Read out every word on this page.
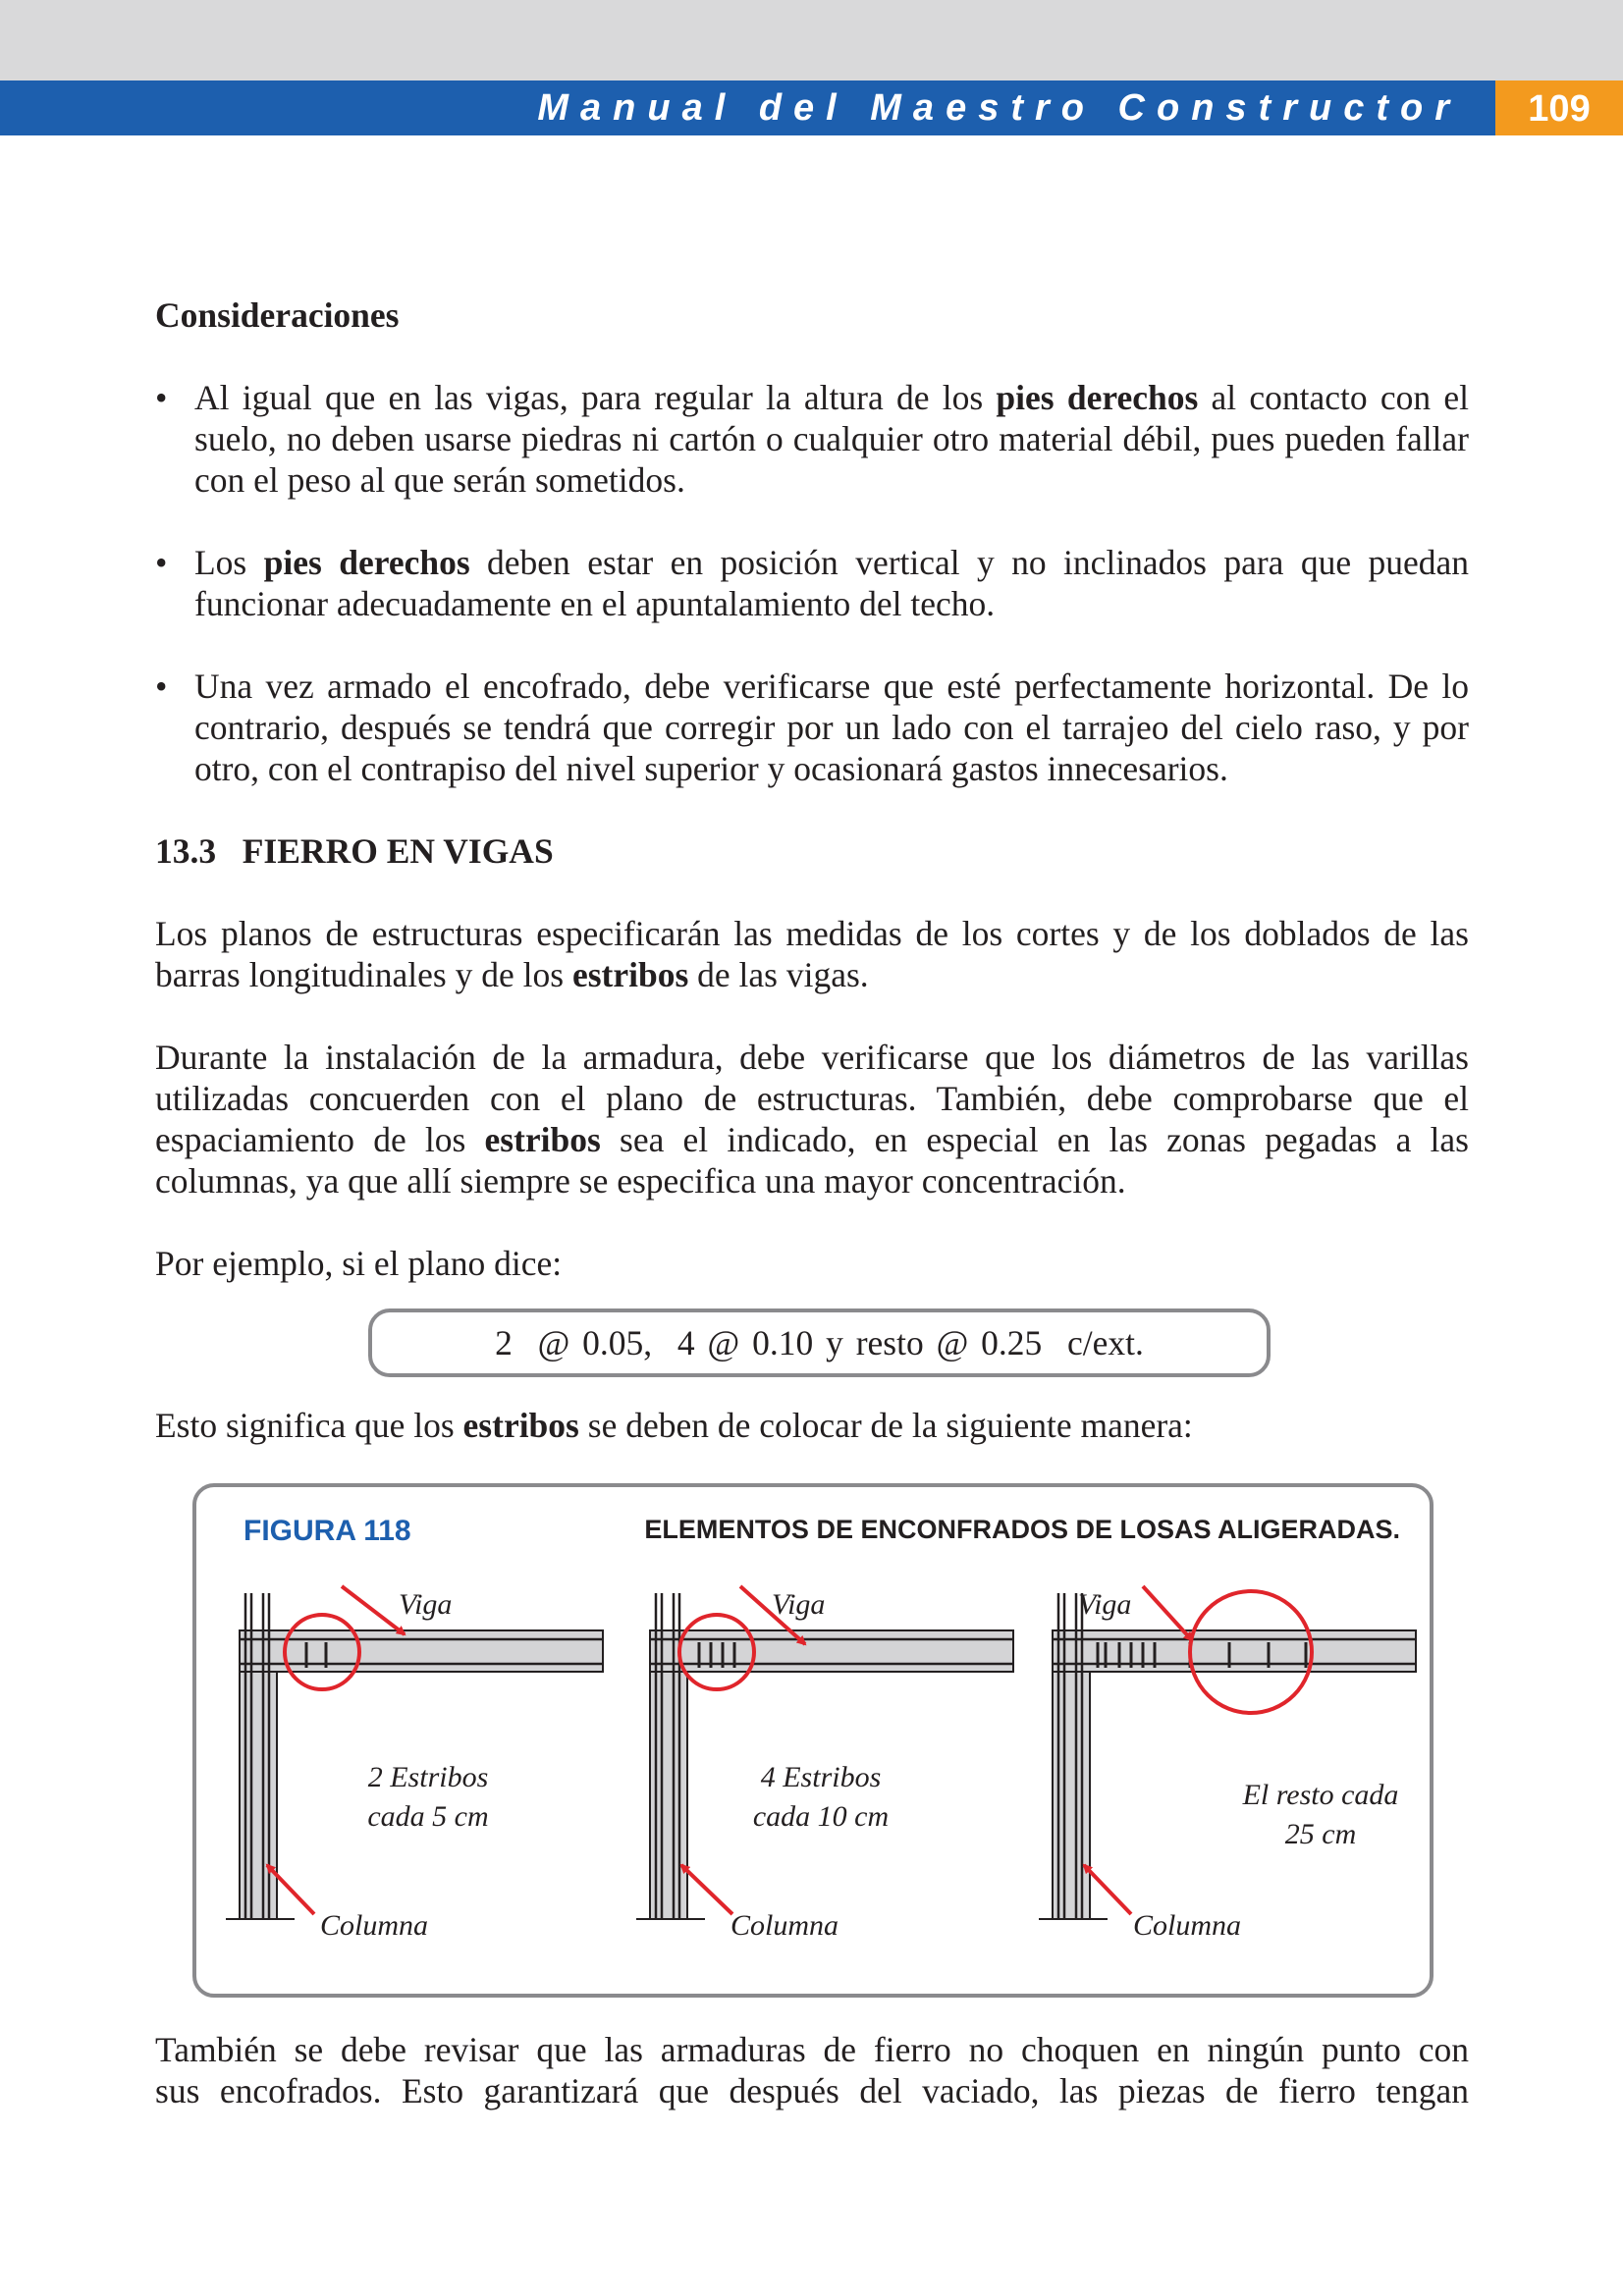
Manual del Maestro Constructor	109
Consideraciones
• Al igual que en las vigas, para regular la altura de los pies derechos al contacto con el suelo, no deben usarse piedras ni cartón o cualquier otro material débil, pues pueden fallar con el peso al que serán sometidos.
• Los pies derechos deben estar en posición vertical y no inclinados para que puedan funcionar adecuadamente en el apuntalamiento del techo.
• Una vez armado el encofrado, debe verificarse que esté perfectamente horizontal. De lo contrario, después se tendrá que corregir por un lado con el tarrajeo del cielo raso, y por otro, con el contrapiso del nivel superior y ocasionará gastos innecesarios.
13.3   FIERRO EN VIGAS

Los planos de estructuras especificarán las medidas de los cortes y de los doblados de las barras longitudinales y de los estribos de las vigas.

Durante la instalación de la armadura, debe verificarse que los diámetros de las varillas utilizadas concuerden con el plano de estructuras. También, debe comprobarse que el espaciamiento de los estribos sea el indicado, en especial en las zonas pegadas a las columnas, ya que allí siempre se especifica una mayor concentración.

Por ejemplo, si el plano dice:

2  @ 0.05,  4 @ 0.10 y resto @ 0.25  c/ext.
Esto significa que los estribos se deben de colocar de la siguiente manera:
FIGURA 118	ELEMENTOS DE ENCONFRADOS DE LOSAS ALIGERADAS.
Viga	Viga	Viga
2 Estribos
cada 5 cm
4 Estribos
cada 10 cm
El resto cada
25 cm
Columna	Columna	Columna
También se debe revisar que las armaduras de fierro no choquen en ningún punto con
sus encofrados. Esto garantizará que después del vaciado, las piezas de fierro tengan
